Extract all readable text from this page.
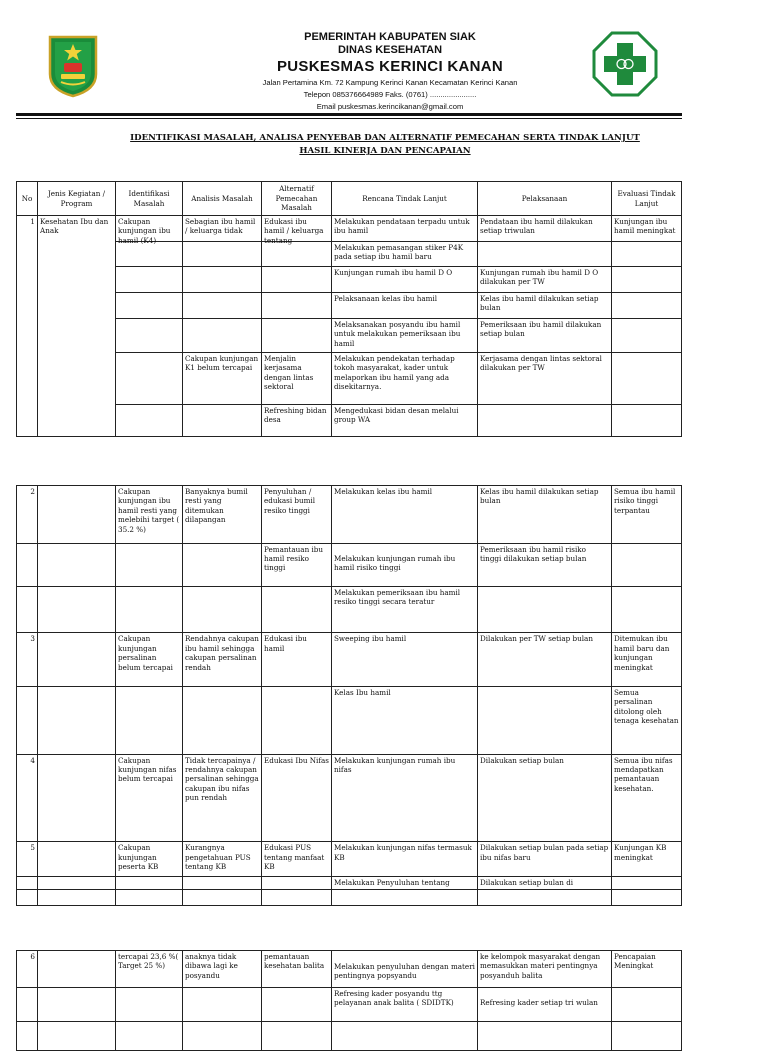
PEMERINTAH KABUPATEN SIAK
DINAS KESEHATAN
PUSKESMAS KERINCI KANAN
Jalan Pertamina Km. 72 Kampung Kerinci Kanan Kecamatan Kerinci Kanan
Telepon 085376664989 Faks. (0761) ......................
Email puskesmas.kerincikanan@gmail.com
IDENTIFIKASI MASALAH, ANALISA PENYEBAB DAN ALTERNATIF PEMECAHAN SERTA TINDAK LANJUT
HASIL KINERJA DAN PENCAPAIAN
No	Jenis Kegiatan / Program	Identifikasi Masalah	Analisis Masalah	Alternatif Pemecahan Masalah	Rencana Tindak Lanjut	Pelaksanaan	Evaluasi Tindak Lanjut
1	Kesehatan Ibu dan Anak	Cakupan kunjungan ibu hamil (K4)	Sebagian ibu hamil / keluarga tidak	Edukasi ibu hamil / keluarga tentang	Melakukan pendataan terpadu untuk ibu hamil	Pendataan ibu hamil dilakukan setiap triwulan	Kunjungan ibu hamil meningkat

					Melakukan pemasangan stiker P4K pada setiap ibu hamil baru		
					Kunjungan rumah ibu hamil D O	Kunjungan rumah ibu hamil D O dilakukan per TW	
					Pelaksanaan kelas ibu hamil	Kelas ibu hamil dilakukan setiap bulan	
					Melaksanakan posyandu ibu hamil untuk melakukan pemeriksaan ibu hamil	Pemeriksaan ibu hamil dilakukan setiap bulan	
			Cakupan kunjungan K1 belum tercapai	Menjalin kerjasama dengan lintas sektoral	Melakukan pendekatan terhadap tokoh masyarakat, kader untuk melaporkan ibu hamil yang ada disekitarnya.	Kerjasama dengan lintas sektoral dilakukan per TW	
				Refreshing bidan desa	Mengedukasi bidan desan melalui group WA		
2		Cakupan kunjungan ibu hamil resti yang melebihi target ( 35.2 %)	Banyaknya bumil resti yang ditemukan dilapangan	Penyuluhan / edukasi bumil resiko tinggi	Melakukan kelas ibu hamil	Kelas ibu hamil dilakukan setiap bulan	Semua ibu hamil risiko tinggi terpantau
				Pemantauan ibu hamil resiko tinggi	Melakukan kunjungan rumah ibu hamil risiko tinggi	Pemeriksaan ibu hamil risiko tinggi dilakukan setiap bulan	
					Melakukan pemeriksaan ibu hamil resiko tinggi secara teratur		
3		Cakupan kunjungan persalinan belum tercapai	Rendahnya cakupan ibu hamil sehingga cakupan persalinan rendah	Edukasi ibu hamil	Sweeping ibu hamil	Dilakukan per TW setiap bulan	Ditemukan ibu hamil baru dan kunjungan meningkat

					Kelas Ibu hamil		Semua persalinan ditolong oleh tenaga kesehatan
4		Cakupan kunjungan nifas belum tercapai	Tidak tercapainya / rendahnya cakupan persalinan sehingga cakupan ibu nifas pun rendah	Edukasi Ibu Nifas	Melakukan kunjungan rumah ibu nifas	Dilakukan setiap bulan	Semua ibu nifas mendapatkan pemantauan kesehatan.
5		Cakupan kunjungan peserta KB	Kurangnya pengetahuan PUS tentang KB	Edukasi PUS tentang manfaat KB	Melakukan kunjungan nifas termasuk KB	Dilakukan setiap bulan pada setiap ibu nifas baru	Kunjungan KB meningkat

					Melakukan Penyuluhan tentang	Dilakukan setiap bulan di	

6		tercapai 23,6 %( Target 25 %)	anaknya tidak dibawa lagi ke posyandu	pemantauan kesehatan balita	Melakukan penyuluhan dengan materi pentingnya popsyandu	ke kelompok masyarakat dengan memasukkan materi pentingnya posyanduh balita	Pencapaian Meningkat
					Refresing kader posyandu ttg pelayanan anak balita ( SDIDTK)	Refresing kader setiap tri wulan	
